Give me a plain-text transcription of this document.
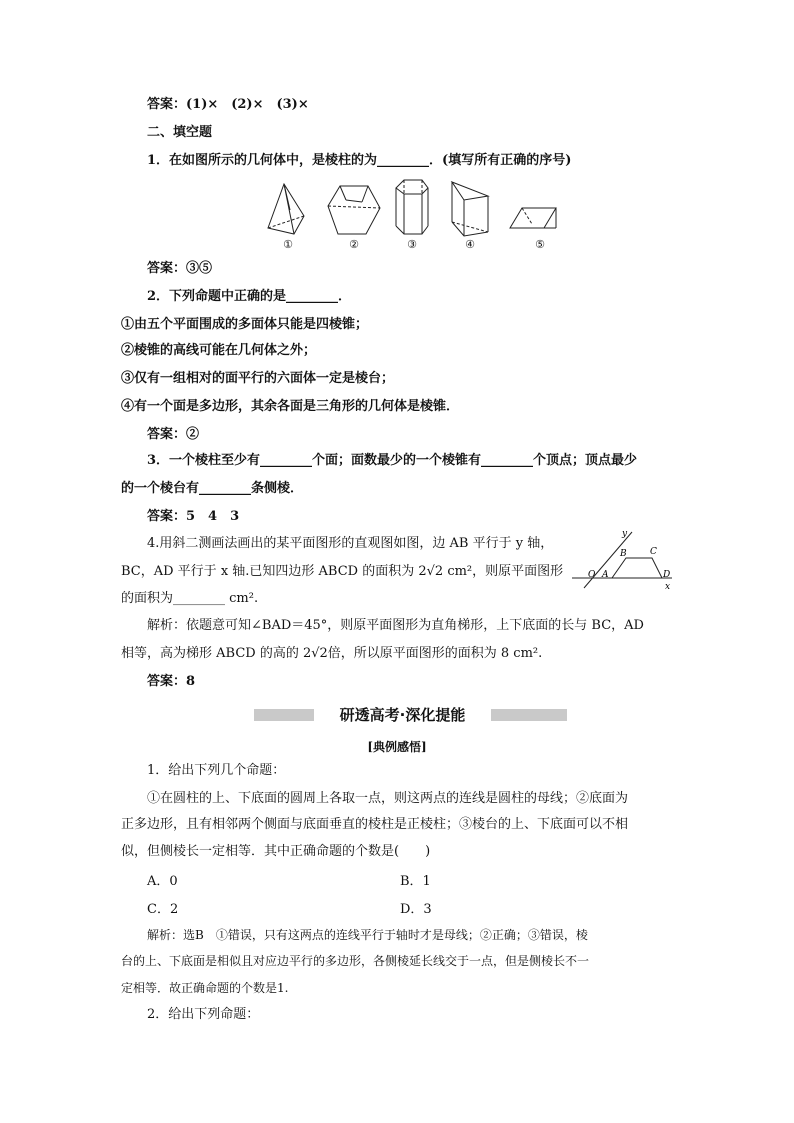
答案：(1)×　(2)×　(3)×
二、填空题
1．在如图所示的几何体中，是棱柱的为________．(填写所有正确的序号)
①	②	③	④	⑤
答案：③⑤
2．下列命题中正确的是________．
①由五个平面围成的多面体只能是四棱锥；
②棱锥的高线可能在几何体之外；
③仅有一组相对的面平行的六面体一定是棱台；
④有一个面是多边形，其余各面是三角形的几何体是棱锥．
答案：②
3．一个棱柱至少有________个面；面数最少的一个棱锥有________个顶点；顶点最少
的一个棱台有________条侧棱．
答案：5　4　3
4.用斜二测画法画出的某平面图形的直观图如图，边 AB 平行于 y 轴，
BC，AD 平行于 x 轴.已知四边形 ABCD 的面积为 2√2 cm²，则原平面图形
的面积为________ cm².
y
B	C
O A	D
x
解析：依题意可知∠BAD＝45°，则原平面图形为直角梯形，上下底面的长与 BC，AD
相等，高为梯形 ABCD 的高的 2√2倍，所以原平面图形的面积为 8 cm².
答案：8
研透高考·深化提能
[典例感悟]
1．给出下列几个命题：
①在圆柱的上、下底面的圆周上各取一点，则这两点的连线是圆柱的母线；②底面为
正多边形，且有相邻两个侧面与底面垂直的棱柱是正棱柱；③棱台的上、下底面可以不相
似，但侧棱长一定相等．其中正确命题的个数是(　　)
A．0	B．1
C．2	D．3
解析：选B　①错误，只有这两点的连线平行于轴时才是母线；②正确；③错误，棱
台的上、下底面是相似且对应边平行的多边形，各侧棱延长线交于一点，但是侧棱长不一
定相等．故正确命题的个数是1.
2．给出下列命题：
